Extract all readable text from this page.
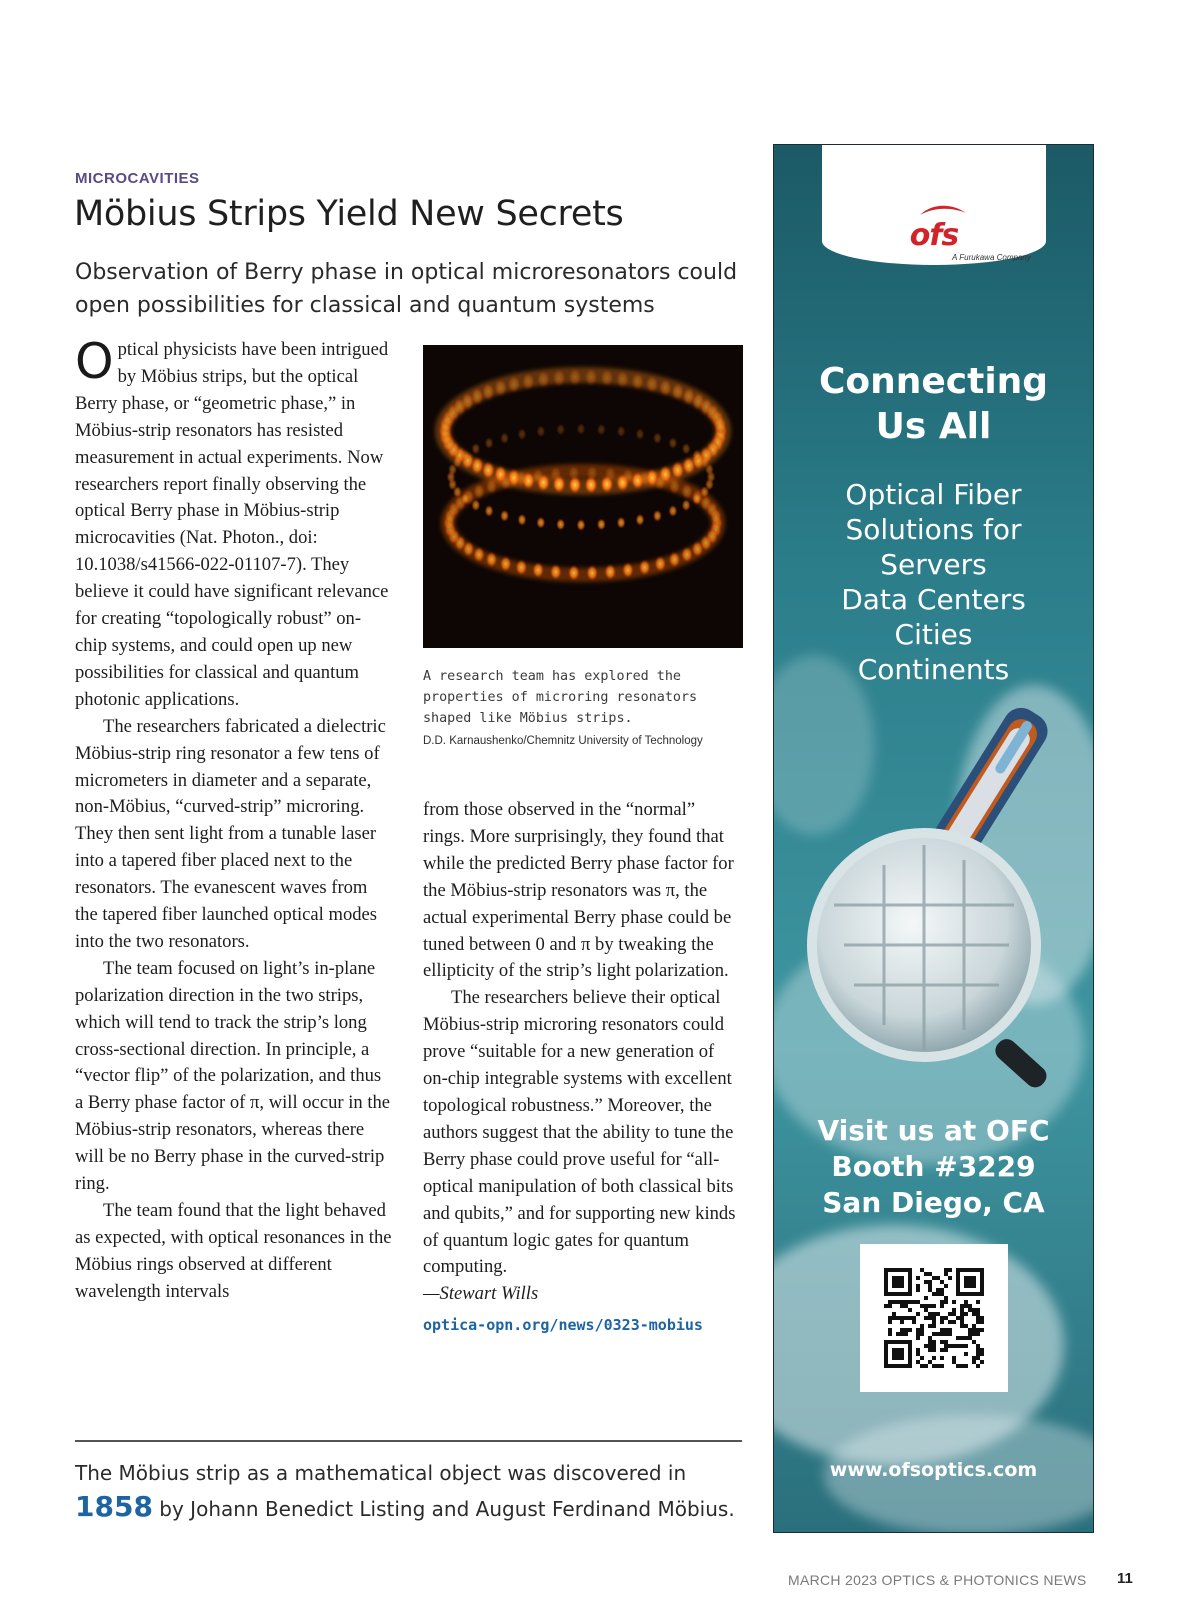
MICROCAVITIES
Möbius Strips Yield New Secrets

Observation of Berry phase in optical microresonators could open possibilities for classical and quantum systems

Optical physicists have been intrigued by Möbius strips, but the optical Berry phase, or “geometric phase,” in Möbius-strip resonators has resisted measurement in actual experiments. Now researchers report finally observing the optical Berry phase in Möbius-strip microcavities (Nat. Photon., doi: 10.1038/s41566-022-01107-7). They believe it could have significant relevance for creating “topologically robust” on-chip systems, and could open up new possibilities for classical and quantum photonic applications.

The researchers fabricated a dielectric Möbius-strip ring resonator a few tens of micrometers in diameter and a separate, non-Möbius, “curved-strip” microring. They then sent light from a tunable laser into a tapered fiber placed next to the resonators. The evanescent waves from the tapered fiber launched optical modes into the two resonators.

The team focused on light’s in-plane polarization direction in the two strips, which will tend to track the strip’s long cross-sectional direction. In principle, a “vector flip” of the polarization, and thus a Berry phase factor of π, will occur in the Möbius-strip resonators, whereas there will be no Berry phase in the curved-strip ring.

The team found that the light behaved as expected, with optical resonances in the Möbius rings observed at different wavelength intervals

A research team has explored the properties of microring resonators shaped like Möbius strips.

D.D. Karnaushenko/Chemnitz University of Technology

from those observed in the “normal” rings. More surprisingly, they found that while the predicted Berry phase factor for the Möbius-strip resonators was π, the actual experimental Berry phase could be tuned between 0 and π by tweaking the ellipticity of the strip’s light polarization.

The researchers believe their optical Möbius-strip microring resonators could prove “suitable for a new generation of on-chip integrable systems with excellent topological robustness.” Moreover, the authors suggest that the ability to tune the Berry phase could prove useful for “all-optical manipulation of both classical bits and qubits,” and for supporting new kinds of quantum logic gates for quantum computing.

—Stewart Wills

optica-opn.org/news/0323-mobius

The Möbius strip as a mathematical object was discovered in 1858 by Johann Benedict Listing and August Ferdinand Möbius.

ofs
A Furukawa Company
Connecting
Us All
Optical Fiber
Solutions for
Servers
Data Centers
Cities
Continents
Visit us at OFC
Booth #3229
San Diego, CA
www.ofsoptics.com
MARCH 2023 OPTICS & PHOTONICS NEWS 11
